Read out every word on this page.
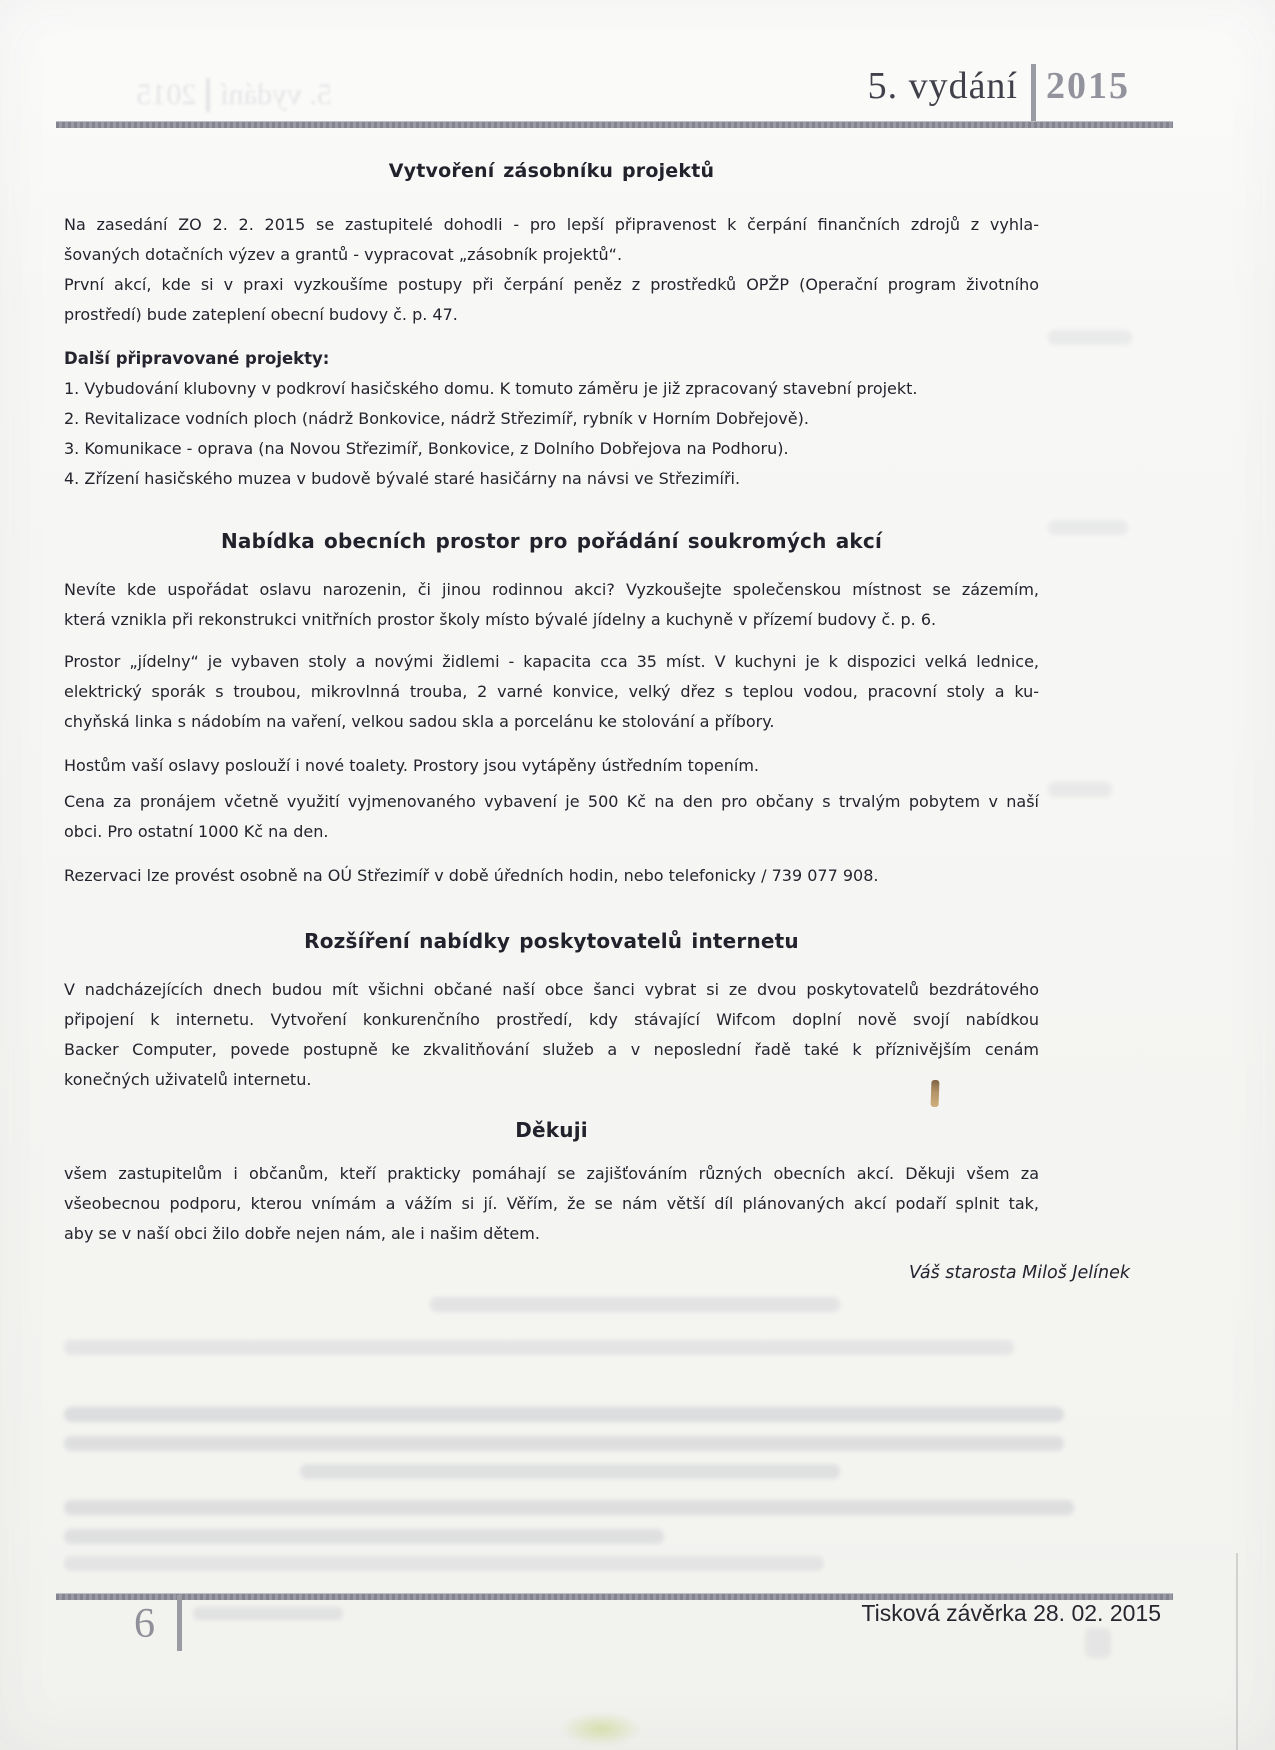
5. vydání
2015	5. vydání 2015
Vytvoření zásobníku projektů
Na zasedání ZO 2. 2. 2015 se zastupitelé dohodli - pro lepší připravenost k čerpání finančních zdrojů z vyhla-
šovaných dotačních výzev a grantů - vypracovat „zásobník projektů“.
První akcí, kde si v praxi vyzkoušíme postupy při čerpání peněz z prostředků OPŽP (Operační program životního
prostředí) bude zateplení obecní budovy č. p. 47.
Další připravované projekty:
1. Vybudování klubovny v podkroví hasičského domu. K tomuto záměru je již zpracovaný stavební projekt.
2. Revitalizace vodních ploch (nádrž Bonkovice, nádrž Střezimíř, rybník v Horním Dobřejově).
3. Komunikace - oprava (na Novou Střezimíř, Bonkovice, z Dolního Dobřejova na Podhoru).
4. Zřízení hasičského muzea v budově bývalé staré hasičárny na návsi ve Střezimíři.
Nabídka obecních prostor pro pořádání soukromých akcí
Nevíte kde uspořádat oslavu narozenin, či jinou rodinnou akci? Vyzkoušejte společenskou místnost se zázemím,
která vznikla při rekonstrukci vnitřních prostor školy místo bývalé jídelny a kuchyně v přízemí budovy č. p. 6.
Prostor „jídelny“ je vybaven stoly a novými židlemi - kapacita cca 35 míst. V kuchyni je k dispozici velká lednice,
elektrický sporák s troubou, mikrovlnná trouba, 2 varné konvice, velký dřez s teplou vodou, pracovní stoly a ku-
chyňská linka s nádobím na vaření, velkou sadou skla a porcelánu ke stolování a příbory.
Hostům vaší oslavy poslouží i nové toalety. Prostory jsou vytápěny ústředním topením.
Cena za pronájem včetně využití vyjmenovaného vybavení je 500 Kč na den pro občany s trvalým pobytem v naší
obci. Pro ostatní 1000 Kč na den.
Rezervaci lze provést osobně na OÚ Střezimíř v době úředních hodin, nebo telefonicky / 739 077 908.
Rozšíření nabídky poskytovatelů internetu
V nadcházejících dnech budou mít všichni občané naší obce šanci vybrat si ze dvou poskytovatelů bezdrátového
připojení k internetu. Vytvoření konkurenčního prostředí, kdy stávající Wifcom doplní nově svojí nabídkou
Backer Computer, povede postupně ke zkvalitňování služeb a v neposlední řadě také k příznivějším cenám
konečných uživatelů internetu.
Děkuji
všem zastupitelům i občanům, kteří prakticky pomáhají se zajišťováním různých obecních akcí. Děkuji všem za
všeobecnou podporu, kterou vnímám a vážím si jí. Věřím, že se nám větší díl plánovaných akcí podaří splnit tak,
aby se v naší obci žilo dobře nejen nám, ale i našim dětem.
Váš starosta Miloš Jelínek
6	Tisková závěrka 28. 02. 2015
